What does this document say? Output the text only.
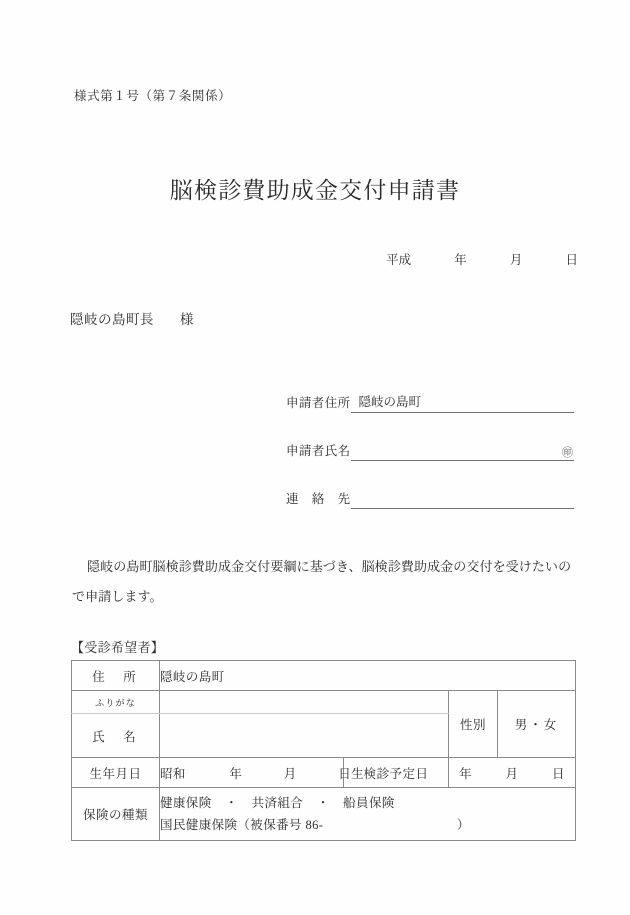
様式第１号（第７条関係）
脳検診費助成金交付申請書
平成	年	月	日
隠岐の島町長 様
申請者住所 隠岐の島町
申請者氏名	㊞
連　絡　先
隠岐の島町脳検診費助成金交付要綱に基づき、脳検診費助成金の交付を受けたいので申請します。
【受診希望者】
住　所	隠岐の島町			
ふりがな			性別	男・女
氏　名				
生年月日	昭和 年 月 日生	検診予定日	年 月 日	
保険の種類	健康保険 ・ 共済組合 ・ 船員保険
国民健康保険（被保番号 86- ）			
